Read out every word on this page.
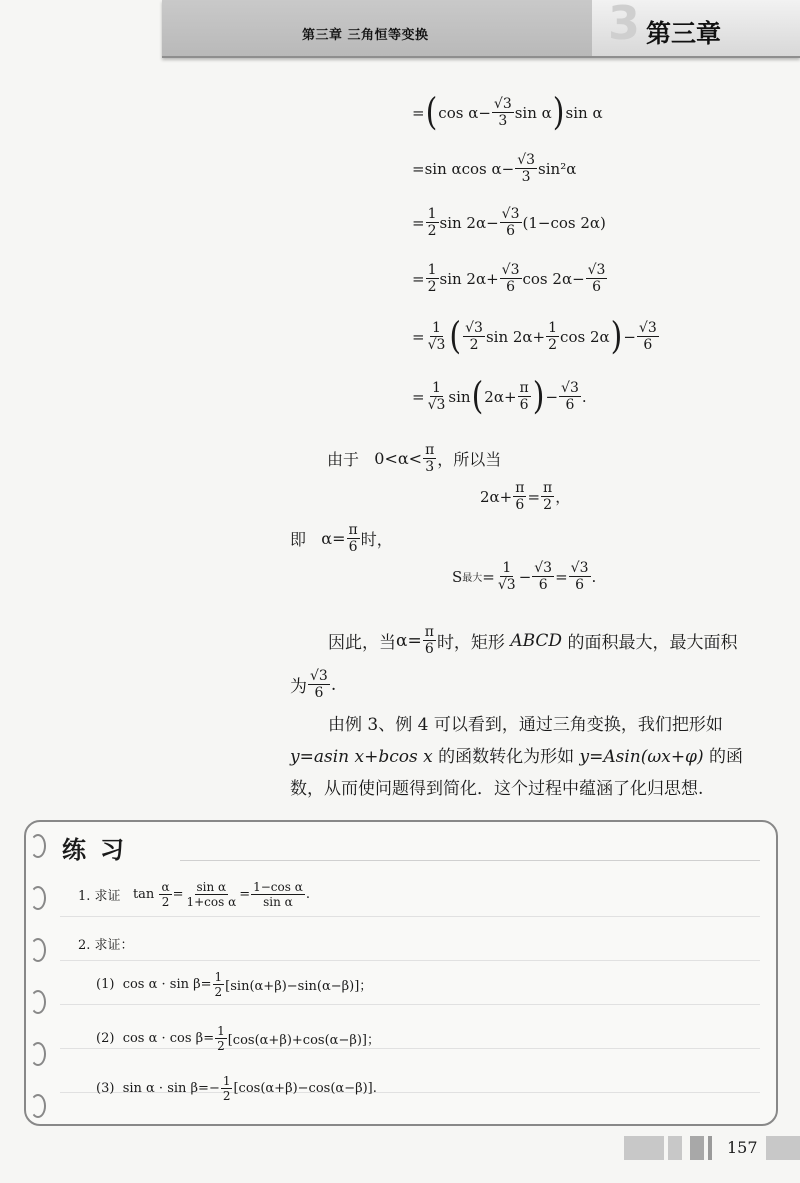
第三章 三角恒等变换	3 第三章
= ( $\cos \alpha- \frac{√3}{3}$ sin α ) sin α
=sin αcos $\alpha- \frac{√3}{3} \sin^2\alpha$
= $\frac{1}{2}$ $\sin 2\alpha- \frac{√3}{6} (1-\cos$ 2α)
= $\frac{1}{2}$ $\sin 2\alpha+ \frac{√3}{6}$ $\cos 2\alpha- \frac{√3}{6}$
= $\frac{1}{√3}$ ( $\frac{√3}{2}$ $\sin 2\alpha+ \frac{1}{2}$ cos 2α ) − $\frac{√3}{6}$
= $\frac{1}{√3}$ sin ( $2\alpha+ \frac{\pi}{6}$ ) − $\frac{√3}{6}$ .
由于
$0<\alpha< \frac{\pi}{3}$ ，所以当
$2\alpha+ \frac{\pi}{6} = \frac{\pi}{2}$ ，
即
$\alpha= \frac{\pi}{6}$ 时，
S 最大 = $\frac{1}{√3} - \frac{√3}{6} = \frac{√3}{6}$ .
因此，当 $\alpha= \frac{\pi}{6}$ 时，矩形
ABCD
的面积最大，最大面积
为 $\frac{√3}{6}$ .
由例 3、例 4 可以看到，通过三角变换，我们把形如
y=asin x+bcos x 的函数转化为形如 y=Asin(ωx+φ) 的函
数，从而使问题得到简化．这个过程中蕴涵了化归思想.
练习
1. 求证
tan
$\frac{\alpha}{2} = \frac{\text{sin α}}{\text{1+cos α}} = \frac{\text{1−cos α}}{\text{sin α}}$ .
2. 求证：
(1)
$\cos \alpha \cdot \sin \beta= \frac{1}{2} [\sin(\alpha+\beta)-\sin(\alpha-\beta)]$；
(2)
$\cos \alpha \cdot \cos \beta= \frac{1}{2} [\cos(\alpha+\beta)+\cos(\alpha-\beta)]$；
(3)
$\sin \alpha \cdot \sin \beta=- \frac{1}{2} [\cos(\alpha+\beta)-\cos(\alpha-\beta)]$.
157
